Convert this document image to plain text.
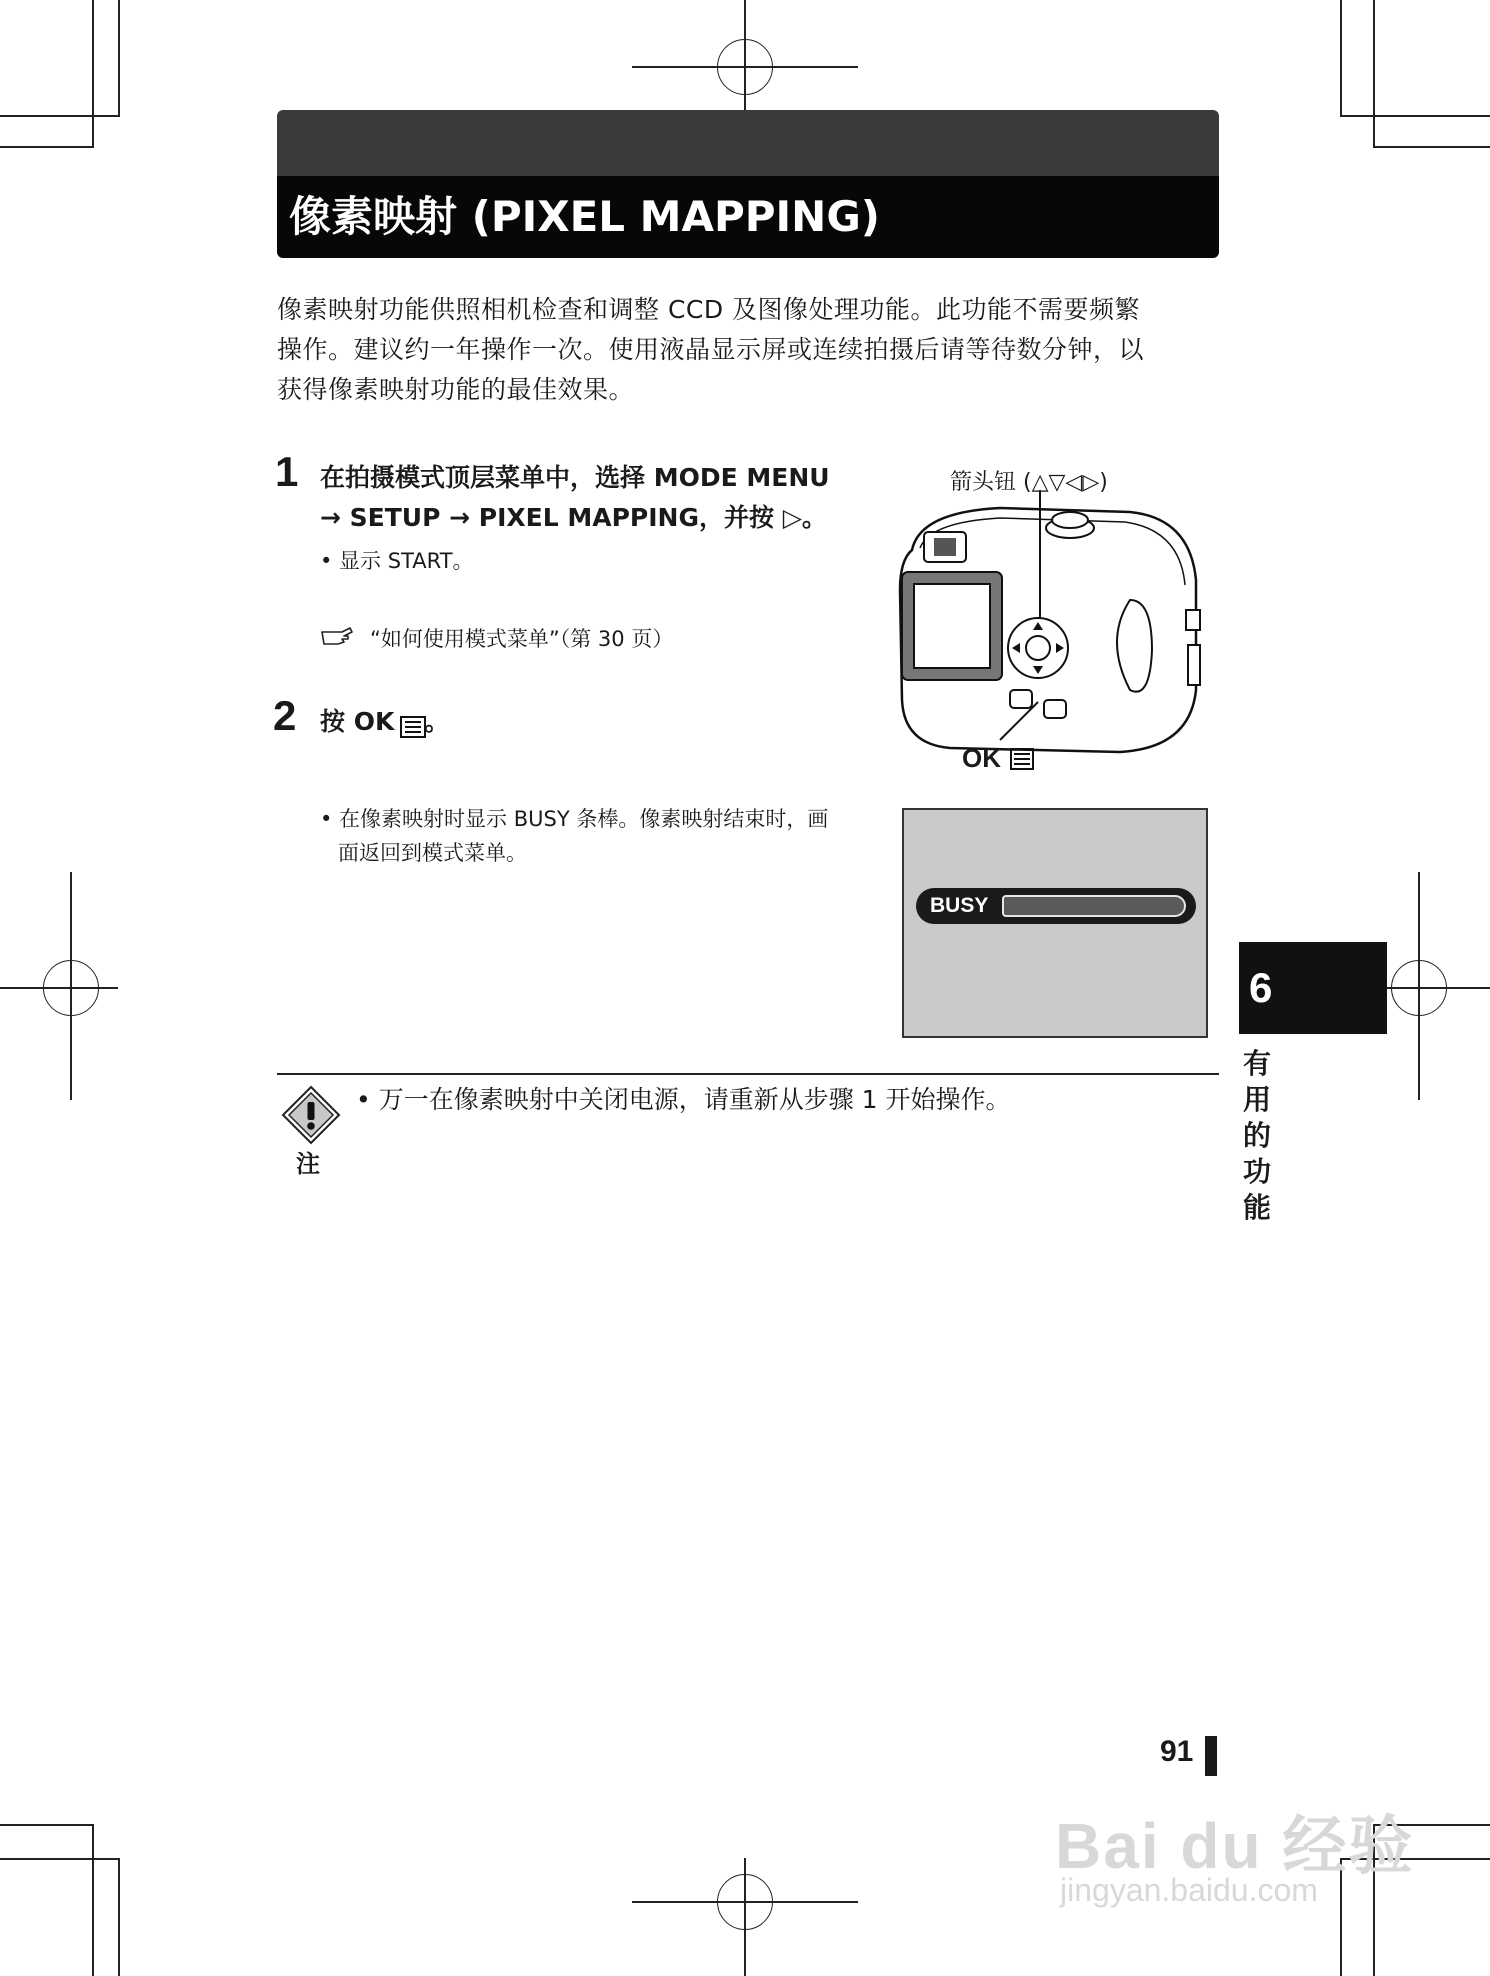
像素映射 (PIXEL MAPPING)
像素映射功能供照相机检查和调整 CCD 及图像处理功能。此功能不需要频繁
操作。建议约一年操作一次。使用液晶显示屏或连续拍摄后请等待数分钟，以
获得像素映射功能的最佳效果。
1 在拍摄模式顶层菜单中，选择 MODE MENU
→ SETUP → PIXEL MAPPING，并按 ▷。
• 显示 START。
“如何使用模式菜单”（第 30 页）
2 按 OK 。
• 在像素映射时显示 BUSY 条棒。像素映射结束时，画
面返回到模式菜单。
箭头钮 (△▽◁▷)
OK
BUSY
6
有
用
的
功
能
注
• 万一在像素映射中关闭电源，请重新从步骤 1 开始操作。
91
Bai du 经验
jingyan.baidu.com
